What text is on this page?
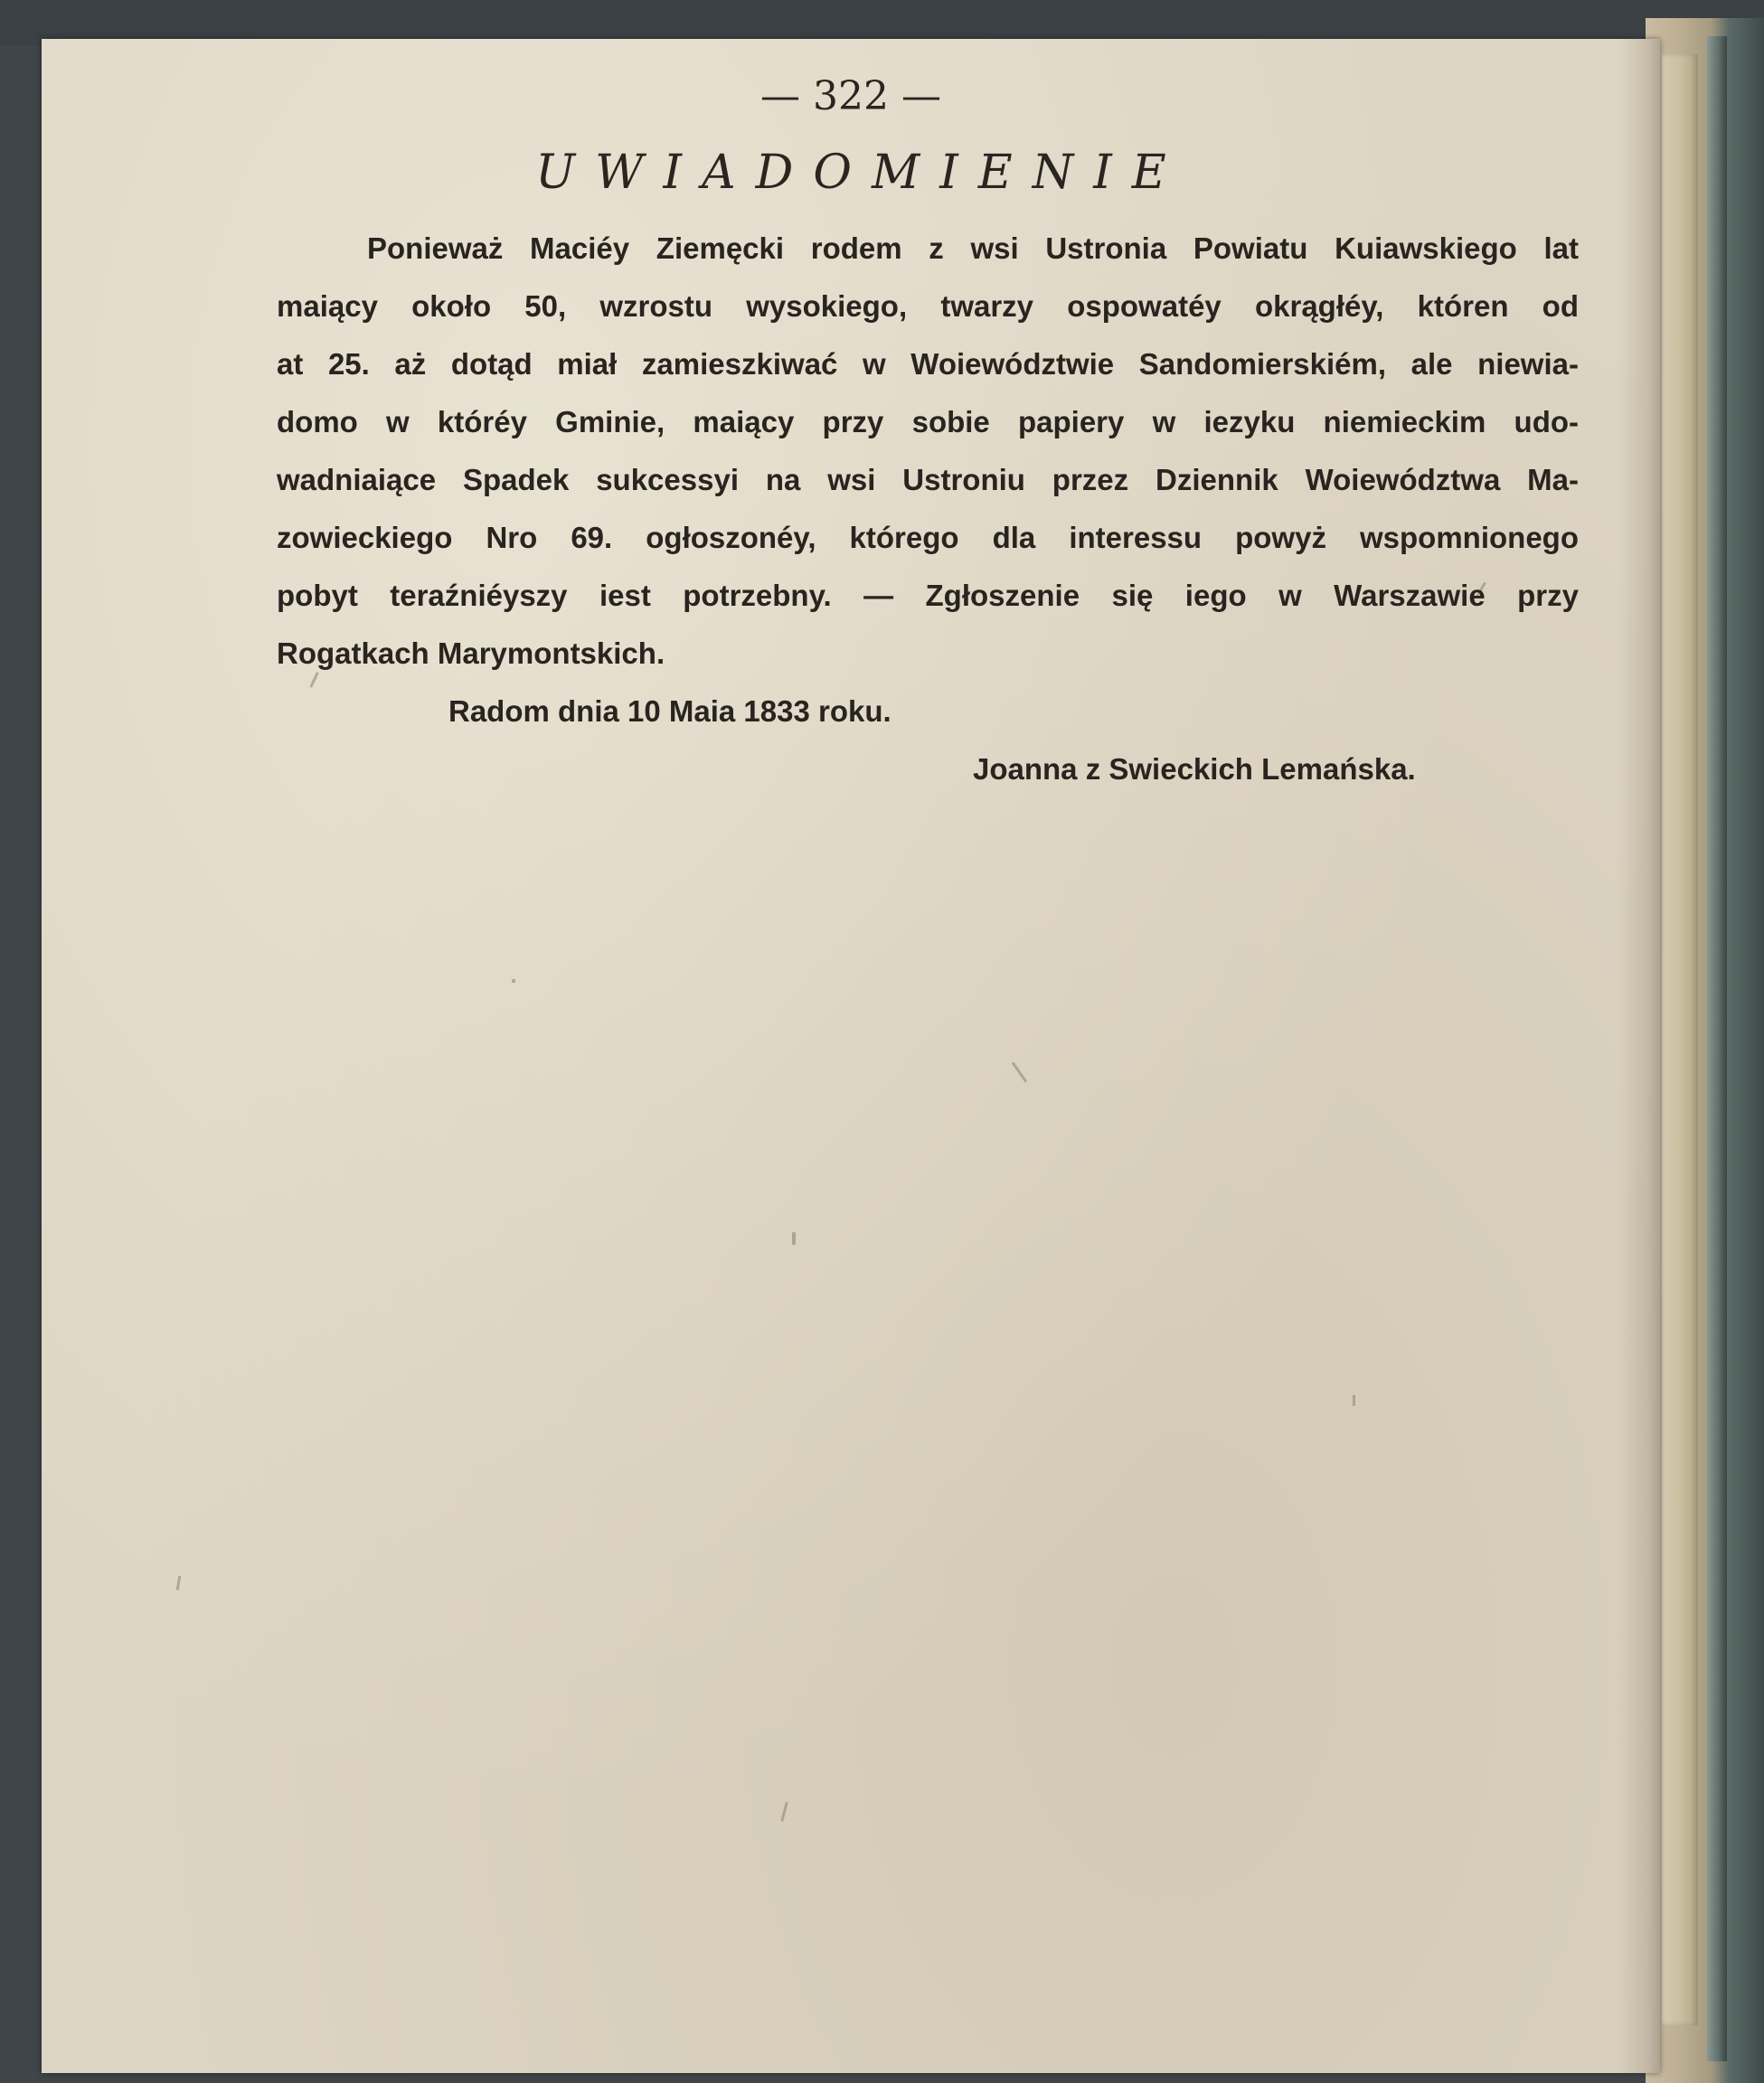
— 322 —
UWIADOMIENIE
Ponieważ Maciéy Ziemęcki rodem z wsi Ustronia Powiatu Kuiawskiego lat
maiący około 50, wzrostu wysokiego, twarzy ospowatéy okrągłéy, któren od
at 25. aż dotąd miał zamieszkiwać w Woiewództwie Sandomierskiém, ale niewia-
domo w któréy Gminie, maiący przy sobie papiery w iezyku niemieckim udo-
wadniaiące Spadek sukcessyi na wsi Ustroniu przez Dziennik Woiewództwa Ma-
zowieckiego Nro 69. ogłoszonéy, którego dla interessu powyż wspomnionego
pobyt teraźniéyszy iest potrzebny. — Zgłoszenie się iego w Warszawie przy
Rogatkach Marymontskich.
Radom dnia 10 Maia 1833 roku.
Joanna z Swieckich Lemańska.
